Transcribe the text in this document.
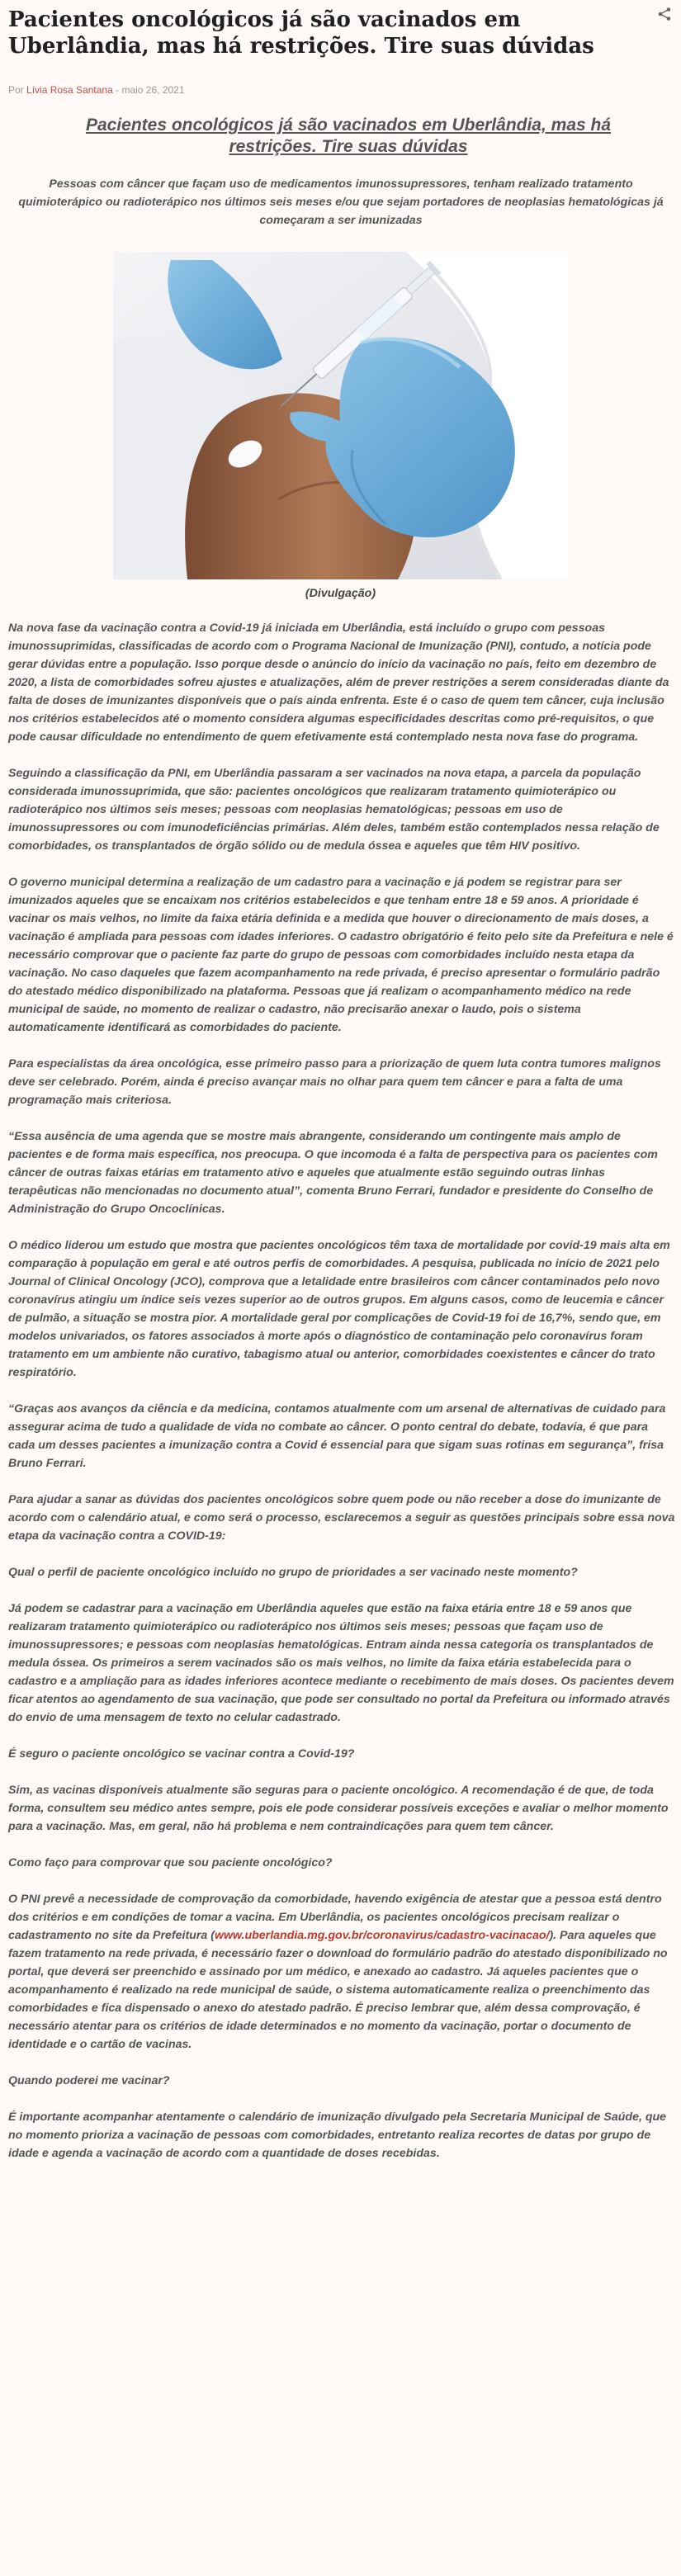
Pacientes oncológicos já são vacinados em Uberlândia, mas há restrições. Tire suas dúvidas
Por Lívia Rosa Santana - maio 26, 2021
Pacientes oncológicos já são vacinados em Uberlândia, mas há restrições. Tire suas dúvidas

Pessoas com câncer que façam uso de medicamentos imunossupressores, tenham realizado tratamento quimioterápico ou radioterápico nos últimos seis meses e/ou que sejam portadores de neoplasias hematológicas já começaram a ser imunizadas

(Divulgação)

Na nova fase da vacinação contra a Covid-19 já iniciada em Uberlândia, está incluído o grupo com pessoas imunossuprimidas, classificadas de acordo com o Programa Nacional de Imunização (PNI), contudo, a notícia pode gerar dúvidas entre a população. Isso porque desde o anúncio do início da vacinação no país, feito em dezembro de 2020, a lista de comorbidades sofreu ajustes e atualizações, além de prever restrições a serem consideradas diante da falta de doses de imunizantes disponíveis que o país ainda enfrenta. Este é o caso de quem tem câncer, cuja inclusão nos critérios estabelecidos até o momento considera algumas especificidades descritas como pré-requisitos, o que pode causar dificuldade no entendimento de quem efetivamente está contemplado nesta nova fase do programa.

Seguindo a classificação da PNI, em Uberlândia passaram a ser vacinados na nova etapa, a parcela da população considerada imunossuprimida, que são: pacientes oncológicos que realizaram tratamento quimioterápico ou radioterápico nos últimos seis meses; pessoas com neoplasias hematológicas; pessoas em uso de imunossupressores ou com imunodeficiências primárias. Além deles, também estão contemplados nessa relação de comorbidades, os transplantados de órgão sólido ou de medula óssea e aqueles que têm HIV positivo.

O governo municipal determina a realização de um cadastro para a vacinação e já podem se registrar para ser imunizados aqueles que se encaixam nos critérios estabelecidos e que tenham entre 18 e 59 anos. A prioridade é vacinar os mais velhos, no limite da faixa etária definida e a medida que houver o direcionamento de mais doses, a vacinação é ampliada para pessoas com idades inferiores. O cadastro obrigatório é feito pelo site da Prefeitura e nele é necessário comprovar que o paciente faz parte do grupo de pessoas com comorbidades incluído nesta etapa da vacinação. No caso daqueles que fazem acompanhamento na rede privada, é preciso apresentar o formulário padrão do atestado médico disponibilizado na plataforma. Pessoas que já realizam o acompanhamento médico na rede municipal de saúde, no momento de realizar o cadastro, não precisarão anexar o laudo, pois o sistema automaticamente identificará as comorbidades do paciente.

Para especialistas da área oncológica, esse primeiro passo para a priorização de quem luta contra tumores malignos deve ser celebrado. Porém, ainda é preciso avançar mais no olhar para quem tem câncer e para a falta de uma programação mais criteriosa.

“Essa ausência de uma agenda que se mostre mais abrangente, considerando um contingente mais amplo de pacientes e de forma mais específica, nos preocupa. O que incomoda é a falta de perspectiva para os pacientes com câncer de outras faixas etárias em tratamento ativo e aqueles que atualmente estão seguindo outras linhas terapêuticas não mencionadas no documento atual”, comenta Bruno Ferrari, fundador e presidente do Conselho de Administração do Grupo Oncoclínicas.

O médico liderou um estudo que mostra que pacientes oncológicos têm taxa de mortalidade por covid-19 mais alta em comparação à população em geral e até outros perfis de comorbidades. A pesquisa, publicada no início de 2021 pelo Journal of Clinical Oncology (JCO), comprova que a letalidade entre brasileiros com câncer contaminados pelo novo coronavírus atingiu um índice seis vezes superior ao de outros grupos. Em alguns casos, como de leucemia e câncer de pulmão, a situação se mostra pior. A mortalidade geral por complicações de Covid-19 foi de 16,7%, sendo que, em modelos univariados, os fatores associados à morte após o diagnóstico de contaminação pelo coronavírus foram tratamento em um ambiente não curativo, tabagismo atual ou anterior, comorbidades coexistentes e câncer do trato respiratório.

“Graças aos avanços da ciência e da medicina, contamos atualmente com um arsenal de alternativas de cuidado para assegurar acima de tudo a qualidade de vida no combate ao câncer. O ponto central do debate, todavia, é que para cada um desses pacientes a imunização contra a Covid é essencial para que sigam suas rotinas em segurança”, frisa Bruno Ferrari.

Para ajudar a sanar as dúvidas dos pacientes oncológicos sobre quem pode ou não receber a dose do imunizante de acordo com o calendário atual, e como será o processo, esclarecemos a seguir as questões principais sobre essa nova etapa da vacinação contra a COVID-19:

Qual o perfil de paciente oncológico incluído no grupo de prioridades a ser vacinado neste momento?

Já podem se cadastrar para a vacinação em Uberlândia aqueles que estão na faixa etária entre 18 e 59 anos que realizaram tratamento quimioterápico ou radioterápico nos últimos seis meses; pessoas que façam uso de imunossupressores; e pessoas com neoplasias hematológicas. Entram ainda nessa categoria os transplantados de medula óssea. Os primeiros a serem vacinados são os mais velhos, no limite da faixa etária estabelecida para o cadastro e a ampliação para as idades inferiores acontece mediante o recebimento de mais doses. Os pacientes devem ficar atentos ao agendamento de sua vacinação, que pode ser consultado no portal da Prefeitura ou informado através do envio de uma mensagem de texto no celular cadastrado.

É seguro o paciente oncológico se vacinar contra a Covid-19?

Sim, as vacinas disponíveis atualmente são seguras para o paciente oncológico. A recomendação é de que, de toda forma, consultem seu médico antes sempre, pois ele pode considerar possíveis exceções e avaliar o melhor momento para a vacinação. Mas, em geral, não há problema e nem contraindicações para quem tem câncer.

Como faço para comprovar que sou paciente oncológico?

O PNI prevê a necessidade de comprovação da comorbidade, havendo exigência de atestar que a pessoa está dentro dos critérios e em condições de tomar a vacina. Em Uberlândia, os pacientes oncológicos precisam realizar o cadastramento no site da Prefeitura (www.uberlandia.mg.gov.br/coronavirus/cadastro-vacinacao/). Para aqueles que fazem tratamento na rede privada, é necessário fazer o download do formulário padrão do atestado disponibilizado no portal, que deverá ser preenchido e assinado por um médico, e anexado ao cadastro. Já aqueles pacientes que o acompanhamento é realizado na rede municipal de saúde, o sistema automaticamente realiza o preenchimento das comorbidades e fica dispensado o anexo do atestado padrão. É preciso lembrar que, além dessa comprovação, é necessário atentar para os critérios de idade determinados e no momento da vacinação, portar o documento de identidade e o cartão de vacinas.

Quando poderei me vacinar?

É importante acompanhar atentamente o calendário de imunização divulgado pela Secretaria Municipal de Saúde, que no momento prioriza a vacinação de pessoas com comorbidades, entretanto realiza recortes de datas por grupo de idade e agenda a vacinação de acordo com a quantidade de doses recebidas.
